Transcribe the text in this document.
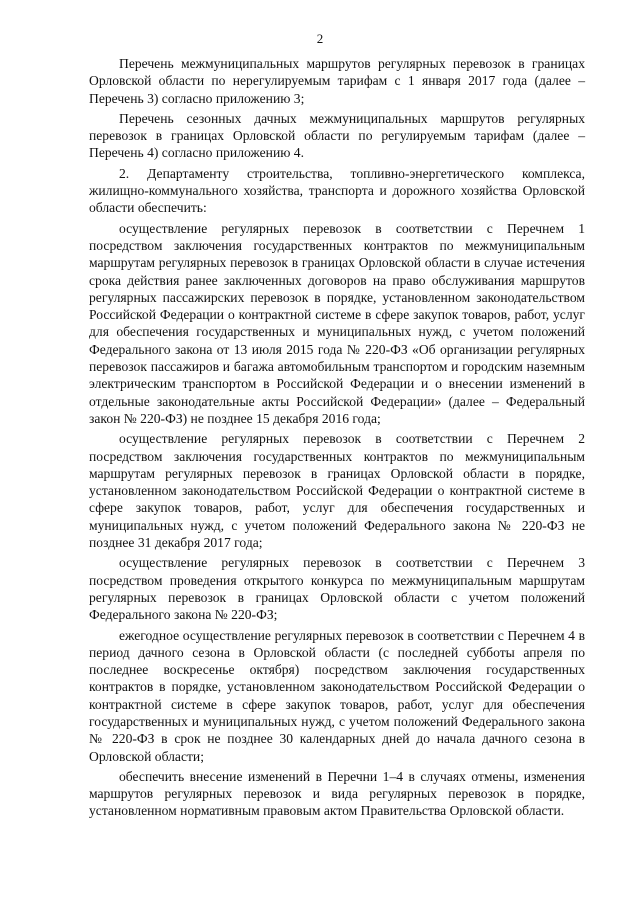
2

Перечень межмуниципальных маршрутов регулярных перевозок в границах Орловской области по нерегулируемым тарифам с 1 января 2017 года (далее – Перечень 3) согласно приложению 3;

Перечень сезонных дачных межмуниципальных маршрутов регулярных перевозок в границах Орловской области по регулируемым тарифам (далее – Перечень 4) согласно приложению 4.

2. Департаменту строительства, топливно-энергетического комплекса, жилищно-коммунального хозяйства, транспорта и дорожного хозяйства Орловской области обеспечить:

осуществление регулярных перевозок в соответствии с Перечнем 1 посредством заключения государственных контрактов по межмуниципальным маршрутам регулярных перевозок в границах Орловской области в случае истечения срока действия ранее заключенных договоров на право обслуживания маршрутов регулярных пассажирских перевозок в порядке, установленном законодательством Российской Федерации о контрактной системе в сфере закупок товаров, работ, услуг для обеспечения государственных и муниципальных нужд, с учетом положений Федерального закона от 13 июля 2015 года № 220-ФЗ «Об организации регулярных перевозок пассажиров и багажа автомобильным транспортом и городским наземным электрическим транспортом в Российской Федерации и о внесении изменений в отдельные законодательные акты Российской Федерации» (далее – Федеральный закон № 220-ФЗ) не позднее 15 декабря 2016 года;

осуществление регулярных перевозок в соответствии с Перечнем 2 посредством заключения государственных контрактов по межмуниципальным маршрутам регулярных перевозок в границах Орловской области в порядке, установленном законодательством Российской Федерации о контрактной системе в сфере закупок товаров, работ, услуг для обеспечения государственных и муниципальных нужд, с учетом положений Федерального закона № 220-ФЗ не позднее 31 декабря 2017 года;

осуществление регулярных перевозок в соответствии с Перечнем 3 посредством проведения открытого конкурса по межмуниципальным маршрутам регулярных перевозок в границах Орловской области с учетом положений Федерального закона № 220-ФЗ;

ежегодное осуществление регулярных перевозок в соответствии с Перечнем 4 в период дачного сезона в Орловской области (с последней субботы апреля по последнее воскресенье октября) посредством заключения государственных контрактов в порядке, установленном законодательством Российской Федерации о контрактной системе в сфере закупок товаров, работ, услуг для обеспечения государственных и муниципальных нужд, с учетом положений Федерального закона № 220-ФЗ в срок не позднее 30 календарных дней до начала дачного сезона в Орловской области;

обеспечить внесение изменений в Перечни 1–4 в случаях отмены, изменения маршрутов регулярных перевозок и вида регулярных перевозок в порядке, установленном нормативным правовым актом Правительства Орловской области.
